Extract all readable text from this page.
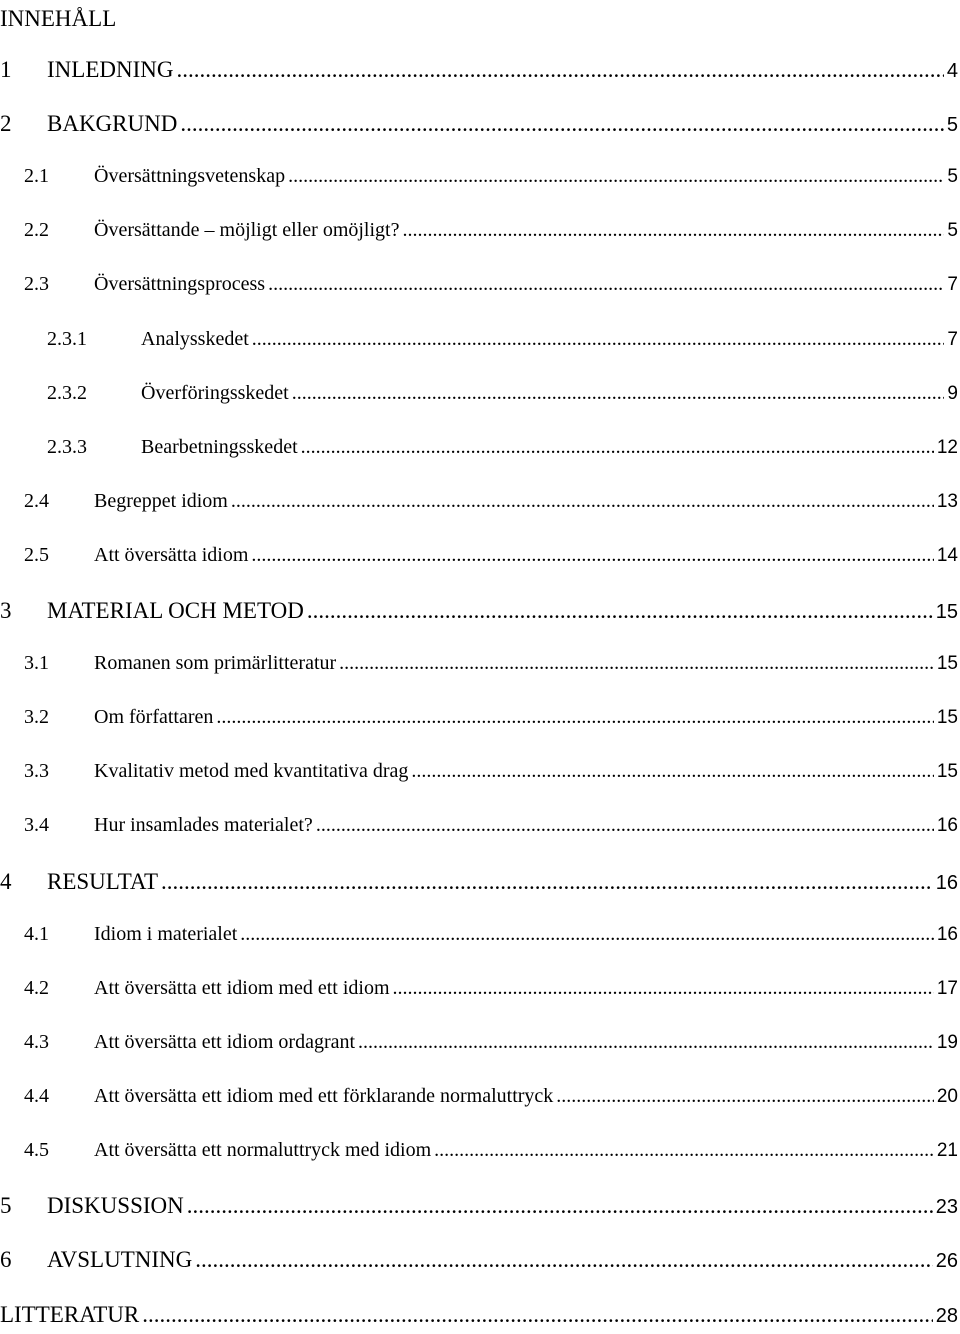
INNEHÅLL
1	INLEDNING .....	4
2	BAKGRUND .....	5
2.1	Översättningsvetenskap .....	5
2.2	Översättande – möjligt eller omöjligt? .....	5
2.3	Översättningsprocess .....	7
2.3.1	Analysskedet .....	7
2.3.2	Överföringsskedet .....	9
2.3.3	Bearbetningsskedet .....	12
2.4	Begreppet idiom .....	13
2.5	Att översätta idiom .....	14
3	MATERIAL OCH METOD .....	15
3.1	Romanen som primärlitteratur .....	15
3.2	Om författaren .....	15
3.3	Kvalitativ metod med kvantitativa drag .....	15
3.4	Hur insamlades materialet? .....	16
4	RESULTAT .....	16
4.1	Idiom i materialet .....	16
4.2	Att översätta ett idiom med ett idiom .....	17
4.3	Att översätta ett idiom ordagrant .....	19
4.4	Att översätta ett idiom med ett förklarande normaluttryck .....	20
4.5	Att översätta ett normaluttryck med idiom .....	21
5	DISKUSSION .....	23
6	AVSLUTNING .....	26
LITTERATUR .....	28
